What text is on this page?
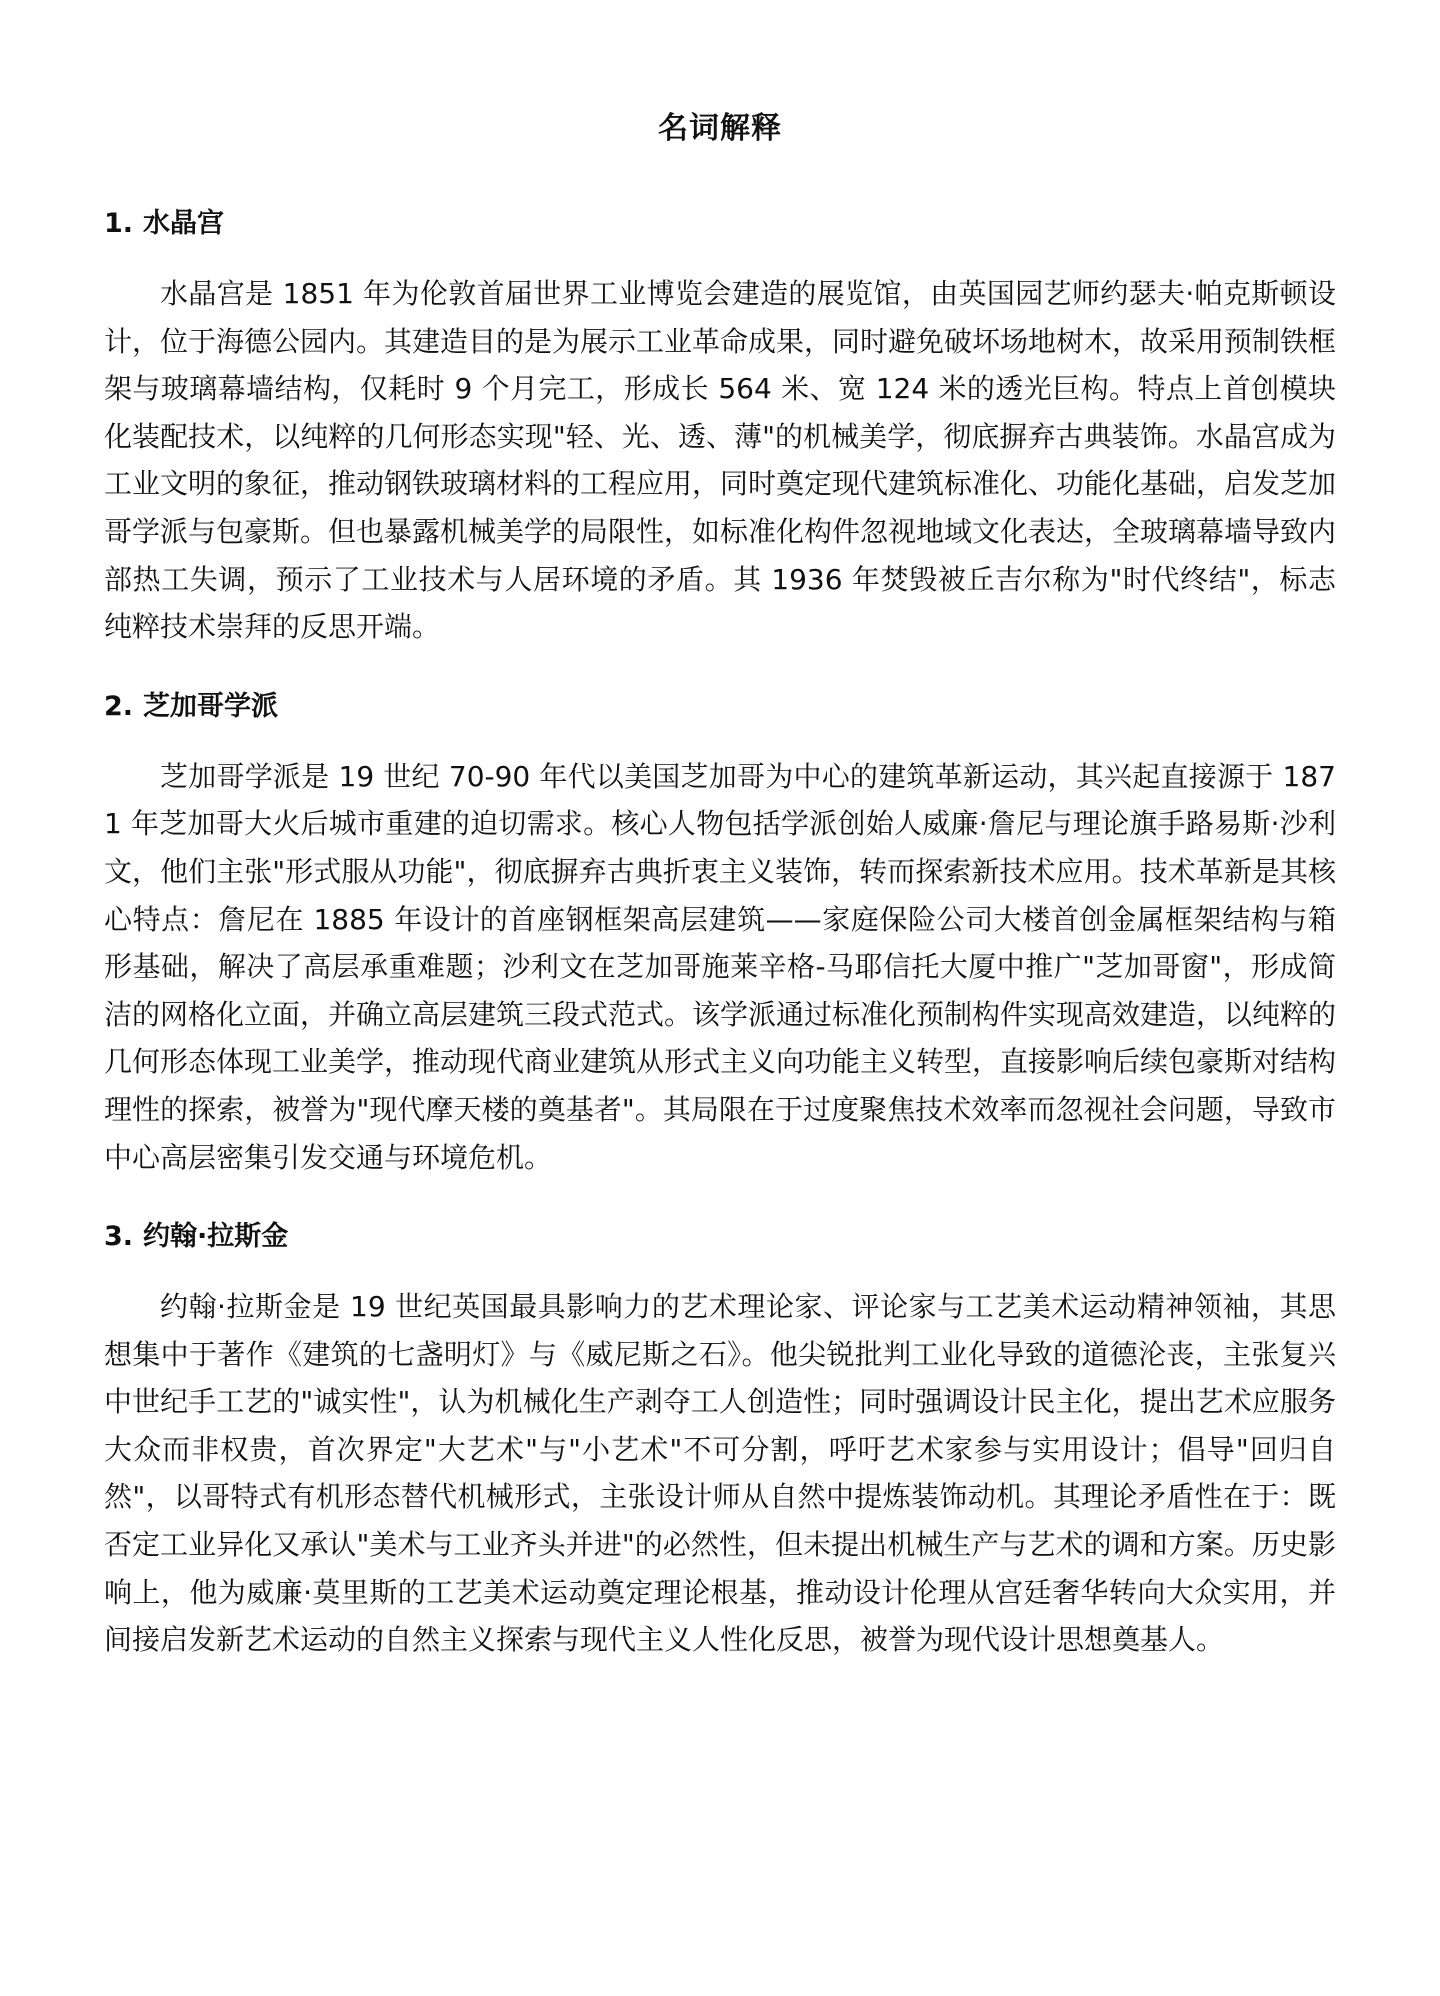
名词解释
1. 水晶宫

水晶宫是 1851 年为伦敦首届世界工业博览会建造的展览馆，由英国园艺师约瑟夫·帕克斯顿设计，位于海德公园内。其建造目的是为展示工业革命成果，同时避免破坏场地树木，故采用预制铁框架与玻璃幕墙结构，仅耗时 9 个月完工，形成长 564 米、宽 124 米的透光巨构。特点上首创模块化装配技术，以纯粹的几何形态实现"轻、光、透、薄"的机械美学，彻底摒弃古典装饰。水晶宫成为工业文明的象征，推动钢铁玻璃材料的工程应用，同时奠定现代建筑标准化、功能化基础，启发芝加哥学派与包豪斯。但也暴露机械美学的局限性，如标准化构件忽视地域文化表达，全玻璃幕墙导致内部热工失调，预示了工业技术与人居环境的矛盾。其 1936 年焚毁被丘吉尔称为"时代终结"，标志纯粹技术崇拜的反思开端。

2. 芝加哥学派

芝加哥学派是 19 世纪 70-90 年代以美国芝加哥为中心的建筑革新运动，其兴起直接源于 1871 年芝加哥大火后城市重建的迫切需求。核心人物包括学派创始人威廉·詹尼与理论旗手路易斯·沙利文，他们主张"形式服从功能"，彻底摒弃古典折衷主义装饰，转而探索新技术应用。技术革新是其核心特点：詹尼在 1885 年设计的首座钢框架高层建筑——家庭保险公司大楼首创金属框架结构与箱形基础，解决了高层承重难题；沙利文在芝加哥施莱辛格-马耶信托大厦中推广"芝加哥窗"，形成简洁的网格化立面，并确立高层建筑三段式范式。该学派通过标准化预制构件实现高效建造，以纯粹的几何形态体现工业美学，推动现代商业建筑从形式主义向功能主义转型，直接影响后续包豪斯对结构理性的探索，被誉为"现代摩天楼的奠基者"。其局限在于过度聚焦技术效率而忽视社会问题，导致市中心高层密集引发交通与环境危机。

3. 约翰·拉斯金

约翰·拉斯金是 19 世纪英国最具影响力的艺术理论家、评论家与工艺美术运动精神领袖，其思想集中于著作《建筑的七盏明灯》与《威尼斯之石》。他尖锐批判工业化导致的道德沦丧，主张复兴中世纪手工艺的"诚实性"，认为机械化生产剥夺工人创造性；同时强调设计民主化，提出艺术应服务大众而非权贵，首次界定"大艺术"与"小艺术"不可分割，呼吁艺术家参与实用设计；倡导"回归自然"，以哥特式有机形态替代机械形式，主张设计师从自然中提炼装饰动机。其理论矛盾性在于：既否定工业异化又承认"美术与工业齐头并进"的必然性，但未提出机械生产与艺术的调和方案。历史影响上，他为威廉·莫里斯的工艺美术运动奠定理论根基，推动设计伦理从宫廷奢华转向大众实用，并间接启发新艺术运动的自然主义探索与现代主义人性化反思，被誉为现代设计思想奠基人。
